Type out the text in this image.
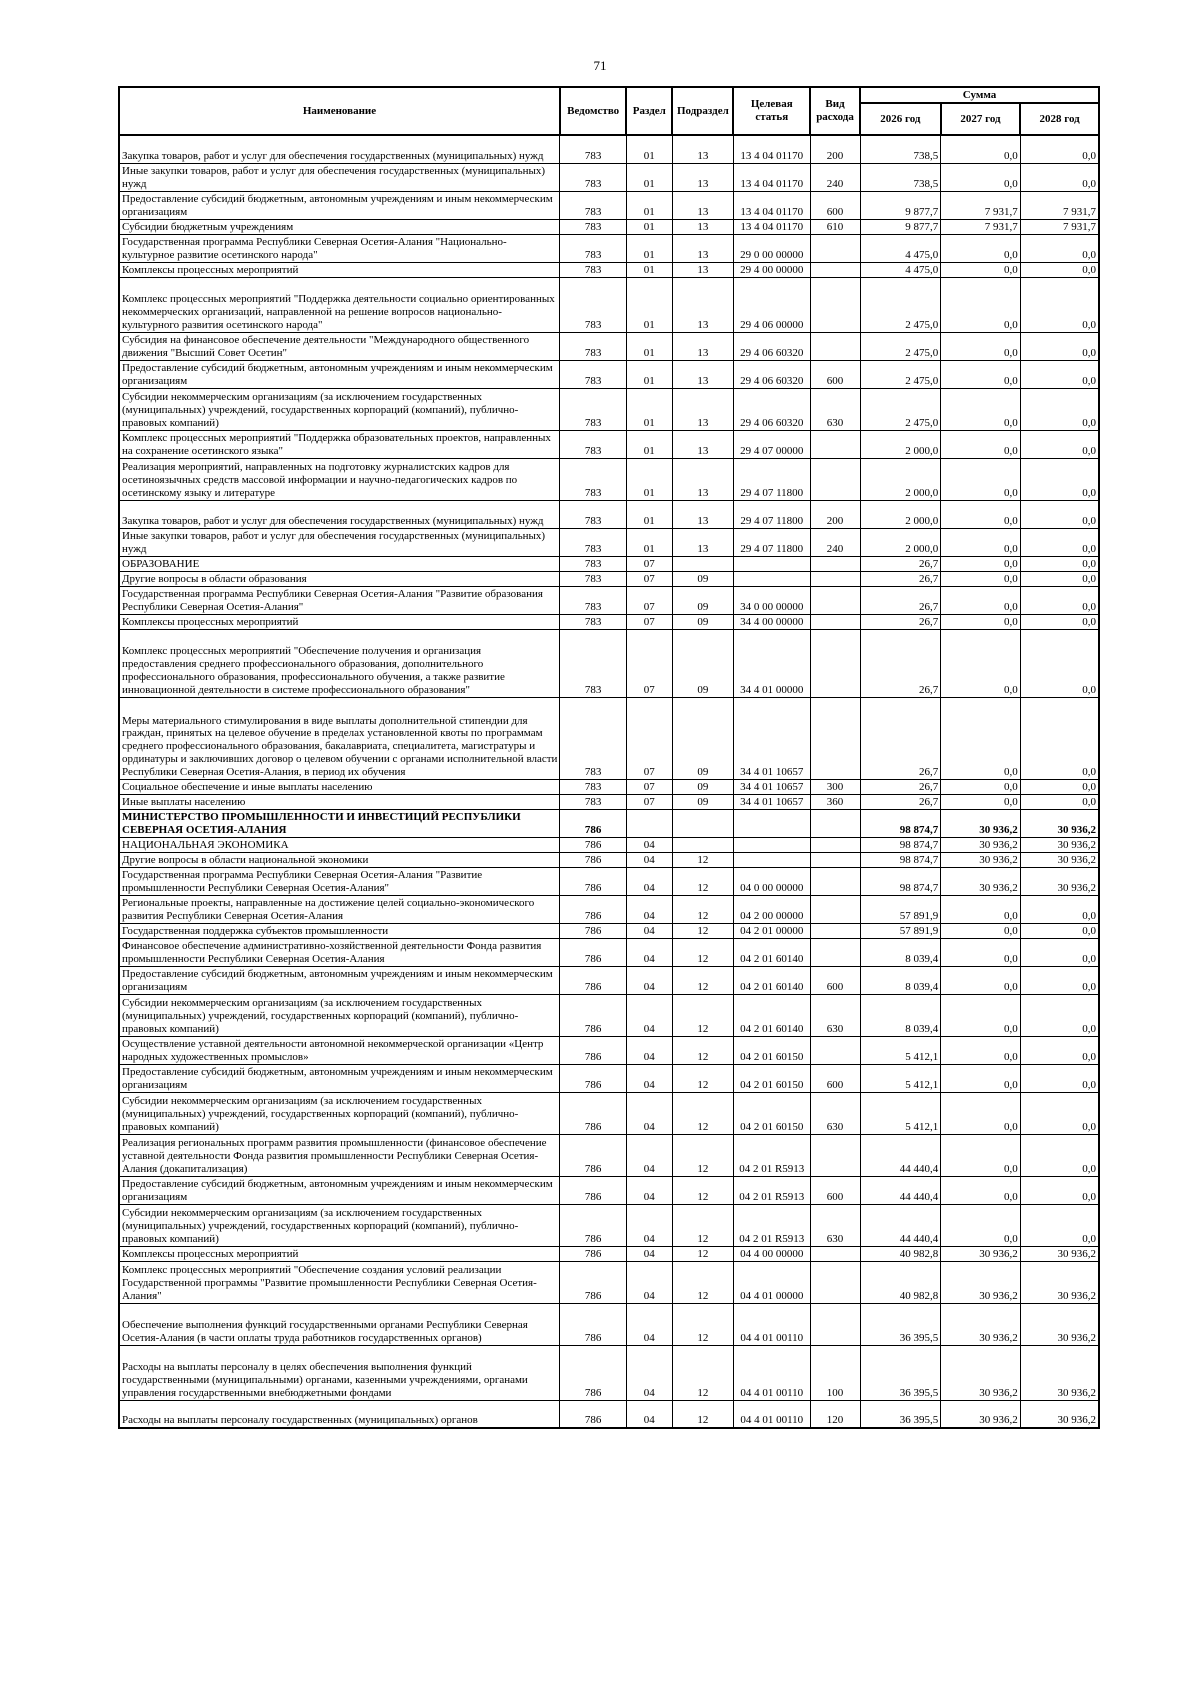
71
Наименование	Ведомство	Раздел	Подраздел	Целевая статья	Вид расхода	Сумма		
						2026 год	2027 год	2028 год
Закупка товаров, работ и услуг для обеспечения государственных (муниципальных) нужд	783	01	13	13 4 04 01170	200	738,5	0,0	0,0
Иные закупки товаров, работ и услуг для обеспечения государственных (муниципальных) нужд	783	01	13	13 4 04 01170	240	738,5	0,0	0,0
Предоставление субсидий бюджетным, автономным учреждениям и иным некоммерческим организациям	783	01	13	13 4 04 01170	600	9 877,7	7 931,7	7 931,7
Субсидии бюджетным учреждениям	783	01	13	13 4 04 01170	610	9 877,7	7 931,7	7 931,7
Государственная программа Республики Северная Осетия-Алания "Национально-культурное развитие осетинского народа"	783	01	13	29 0 00 00000		4 475,0	0,0	0,0
Комплексы процессных мероприятий	783	01	13	29 4 00 00000		4 475,0	0,0	0,0
Комплекс процессных мероприятий "Поддержка деятельности социально ориентированных некоммерческих организаций, направленной на решение вопросов национально-культурного развития осетинского народа"	783	01	13	29 4 06 00000		2 475,0	0,0	0,0
Субсидия на финансовое обеспечение деятельности "Международного общественного движения "Высший Совет Осетин"	783	01	13	29 4 06 60320		2 475,0	0,0	0,0
Предоставление субсидий бюджетным, автономным учреждениям и иным некоммерческим организациям	783	01	13	29 4 06 60320	600	2 475,0	0,0	0,0
Субсидии некоммерческим организациям (за исключением государственных (муниципальных) учреждений, государственных корпораций (компаний), публично-правовых компаний)	783	01	13	29 4 06 60320	630	2 475,0	0,0	0,0
Комплекс процессных мероприятий "Поддержка образовательных проектов, направленных на сохранение осетинского языка"	783	01	13	29 4 07 00000		2 000,0	0,0	0,0
Реализация мероприятий, направленных на подготовку журналистских кадров для осетиноязычных средств массовой информации и научно-педагогических кадров по осетинскому языку и литературе	783	01	13	29 4 07 11800		2 000,0	0,0	0,0
Закупка товаров, работ и услуг для обеспечения государственных (муниципальных) нужд	783	01	13	29 4 07 11800	200	2 000,0	0,0	0,0
Иные закупки товаров, работ и услуг для обеспечения государственных (муниципальных) нужд	783	01	13	29 4 07 11800	240	2 000,0	0,0	0,0
ОБРАЗОВАНИЕ	783	07				26,7	0,0	0,0
Другие вопросы в области образования	783	07	09			26,7	0,0	0,0
Государственная программа Республики Северная Осетия-Алания "Развитие образования Республики Северная Осетия-Алания"	783	07	09	34 0 00 00000		26,7	0,0	0,0
Комплексы процессных мероприятий	783	07	09	34 4 00 00000		26,7	0,0	0,0
Комплекс процессных мероприятий "Обеспечение получения и организация предоставления среднего профессионального образования, дополнительного профессионального образования, профессионального обучения, а также развитие инновационной деятельности в системе профессионального образования"	783	07	09	34 4 01 00000		26,7	0,0	0,0
Меры материального стимулирования в виде выплаты дополнительной стипендии для граждан, принятых на целевое обучение в пределах установленной квоты по программам среднего профессионального образования, бакалавриата, специалитета, магистратуры и ординатуры и заключивших договор о целевом обучении с органами исполнительной власти Республики Северная Осетия-Алания, в период их обучения	783	07	09	34 4 01 10657		26,7	0,0	0,0
Социальное обеспечение и иные выплаты населению	783	07	09	34 4 01 10657	300	26,7	0,0	0,0
Иные выплаты населению	783	07	09	34 4 01 10657	360	26,7	0,0	0,0
МИНИСТЕРСТВО ПРОМЫШЛЕННОСТИ И ИНВЕСТИЦИЙ РЕСПУБЛИКИ СЕВЕРНАЯ ОСЕТИЯ-АЛАНИЯ	786					98 874,7	30 936,2	30 936,2
НАЦИОНАЛЬНАЯ ЭКОНОМИКА	786	04				98 874,7	30 936,2	30 936,2
Другие вопросы в области национальной экономики	786	04	12			98 874,7	30 936,2	30 936,2
Государственная программа Республики Северная Осетия-Алания "Развитие промышленности Республики Северная Осетия-Алания"	786	04	12	04 0 00 00000		98 874,7	30 936,2	30 936,2
Региональные проекты, направленные на достижение целей социально-экономического развития Республики Северная Осетия-Алания	786	04	12	04 2 00 00000		57 891,9	0,0	0,0
Государственная поддержка субъектов промышленности	786	04	12	04 2 01 00000		57 891,9	0,0	0,0
Финансовое обеспечение административно-хозяйственной деятельности Фонда развития промышленности Республики Северная Осетия-Алания	786	04	12	04 2 01 60140		8 039,4	0,0	0,0
Предоставление субсидий бюджетным, автономным учреждениям и иным некоммерческим организациям	786	04	12	04 2 01 60140	600	8 039,4	0,0	0,0
Субсидии некоммерческим организациям (за исключением государственных (муниципальных) учреждений, государственных корпораций (компаний), публично-правовых компаний)	786	04	12	04 2 01 60140	630	8 039,4	0,0	0,0
Осуществление уставной деятельности автономной некоммерческой организации «Центр народных художественных промыслов»	786	04	12	04 2 01 60150		5 412,1	0,0	0,0
Предоставление субсидий бюджетным, автономным учреждениям и иным некоммерческим организациям	786	04	12	04 2 01 60150	600	5 412,1	0,0	0,0
Субсидии некоммерческим организациям (за исключением государственных (муниципальных) учреждений, государственных корпораций (компаний), публично-правовых компаний)	786	04	12	04 2 01 60150	630	5 412,1	0,0	0,0
Реализация региональных программ развития промышленности (финансовое обеспечение уставной деятельности Фонда развития промышленности Республики Северная Осетия-Алания (докапитализация)	786	04	12	04 2 01 R5913		44 440,4	0,0	0,0
Предоставление субсидий бюджетным, автономным учреждениям и иным некоммерческим организациям	786	04	12	04 2 01 R5913	600	44 440,4	0,0	0,0
Субсидии некоммерческим организациям (за исключением государственных (муниципальных) учреждений, государственных корпораций (компаний), публично-правовых компаний)	786	04	12	04 2 01 R5913	630	44 440,4	0,0	0,0
Комплексы процессных мероприятий	786	04	12	04 4 00 00000		40 982,8	30 936,2	30 936,2
Комплекс процессных мероприятий "Обеспечение создания условий реализации Государственной программы "Развитие промышленности Республики Северная Осетия-Алания"	786	04	12	04 4 01 00000		40 982,8	30 936,2	30 936,2
Обеспечение выполнения функций государственными органами Республики Северная Осетия-Алания (в части оплаты труда работников государственных органов)	786	04	12	04 4 01 00110		36 395,5	30 936,2	30 936,2
Расходы на выплаты персоналу в целях обеспечения выполнения функций государственными (муниципальными) органами, казенными учреждениями, органами управления государственными внебюджетными фондами	786	04	12	04 4 01 00110	100	36 395,5	30 936,2	30 936,2
Расходы на выплаты персоналу государственных (муниципальных) органов	786	04	12	04 4 01 00110	120	36 395,5	30 936,2	30 936,2
